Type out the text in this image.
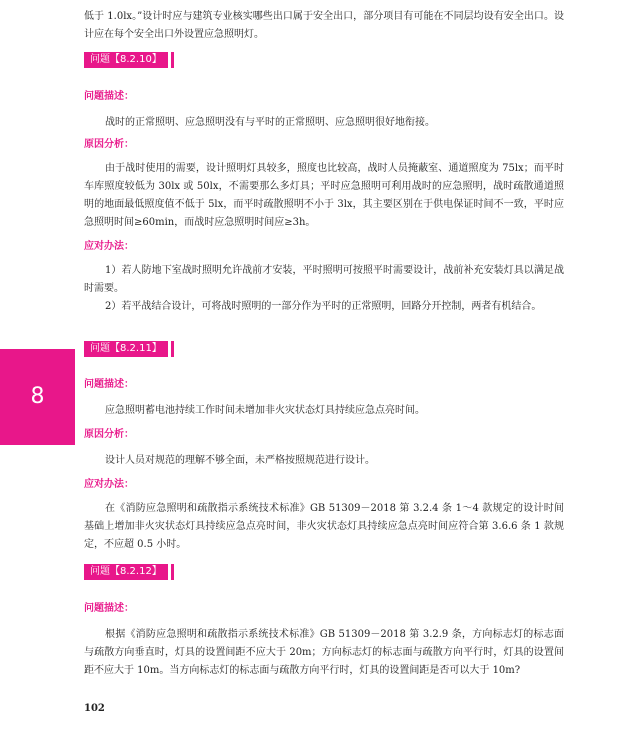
低于 1.0lx。”设计时应与建筑专业核实哪些出口属于安全出口，部分项目有可能在不同层均设有安全出口。设计应在每个安全出口外设置应急照明灯。

问题【8.2.10】
问题描述：

战时的正常照明、应急照明没有与平时的正常照明、应急照明很好地衔接。

原因分析：

由于战时使用的需要，设计照明灯具较多，照度也比较高，战时人员掩蔽室、通道照度为 75lx；而平时车库照度较低为 30lx 或 50lx，不需要那么多灯具；平时应急照明可利用战时的应急照明，战时疏散通道照明的地面最低照度值不低于 5lx，而平时疏散照明不小于 3lx，其主要区别在于供电保证时间不一致，平时应急照明时间≥60min，而战时应急照明时间应≥3h。

应对办法：

1）若人防地下室战时照明允许战前才安装，平时照明可按照平时需要设计，战前补充安装灯具以满足战时需要。

2）若平战结合设计，可将战时照明的一部分作为平时的正常照明，回路分开控制，两者有机结合。

8
问题【8.2.11】
问题描述：

应急照明蓄电池持续工作时间未增加非火灾状态灯具持续应急点亮时间。

原因分析：

设计人员对规范的理解不够全面，未严格按照规范进行设计。

应对办法：

在《消防应急照明和疏散指示系统技术标准》GB 51309－2018 第 3.2.4 条 1～4 款规定的设计时间基础上增加非火灾状态灯具持续应急点亮时间，非火灾状态灯具持续应急点亮时间应符合第 3.6.6 条 1 款规定，不应超 0.5 小时。

问题【8.2.12】
问题描述：

根据《消防应急照明和疏散指示系统技术标准》GB 51309－2018 第 3.2.9 条，方向标志灯的标志面与疏散方向垂直时，灯具的设置间距不应大于 20m；方向标志灯的标志面与疏散方向平行时，灯具的设置间距不应大于 10m。当方向标志灯的标志面与疏散方向平行时，灯具的设置间距是否可以大于 10m?

102
